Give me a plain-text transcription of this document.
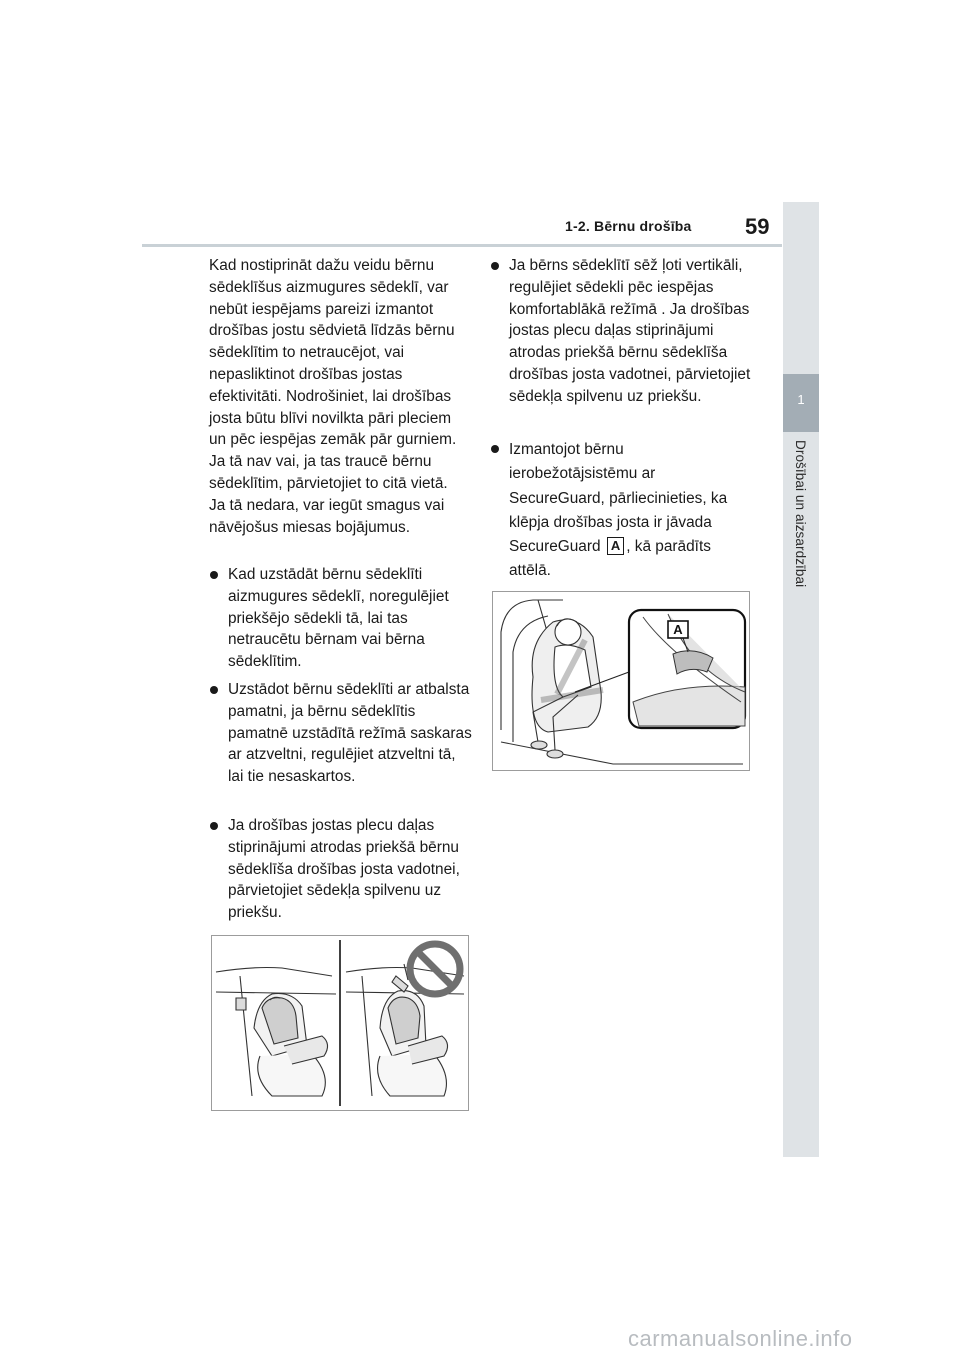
1-2. Bērnu drošība 59
1
Drošībai un aizsardzībai
Kad nostiprināt dažu veidu bērnu sēdeklīšus aizmugures sēdeklī, var nebūt iespējams pareizi izmantot drošības jostu sēdvietā līdzās bērnu sēdeklītim to netraucējot, vai nepasliktinot drošības jostas efektivitāti. Nodrošiniet, lai drošības josta būtu blīvi novilkta pāri pleciem un pēc iespējas zemāk pār gurniem. Ja tā nav vai, ja tas traucē bērnu sēdeklītim, pārvietojiet to citā vietā. Ja tā nedara, var iegūt smagus vai nāvējošus miesas bojājumus.
Kad uzstādāt bērnu sēdeklīti aizmugures sēdeklī, noregulējiet priekšējo sēdekli tā, lai tas netraucētu bērnam vai bērna sēdeklītim.
Uzstādot bērnu sēdeklīti ar atbalsta pamatni, ja bērnu sēdeklītis pamatnē uzstādītā režīmā saskaras ar atzveltni, regulējiet atzveltni tā, lai tie nesaskartos.
Ja drošības jostas plecu daļas stiprinājumi atrodas priekšā bērnu sēdeklīša drošības josta vadotnei, pārvietojiet sēdekļa spilvenu uz priekšu.
Ja bērns sēdeklītī sēž ļoti vertikāli, regulējiet sēdekli pēc iespējas komfortablākā režīmā . Ja drošības jostas plecu daļas stiprinājumi atrodas priekšā bērnu sēdeklīša drošības josta vadotnei, pārvietojiet sēdekļa spilvenu uz priekšu.
Izmantojot bērnu ierobežotājsistēmu ar SecureGuard, pārliecinieties, ka klēpja drošības josta ir jāvada SecureGuard A , kā parādīts attēlā.
A
carmanualsonline.info
